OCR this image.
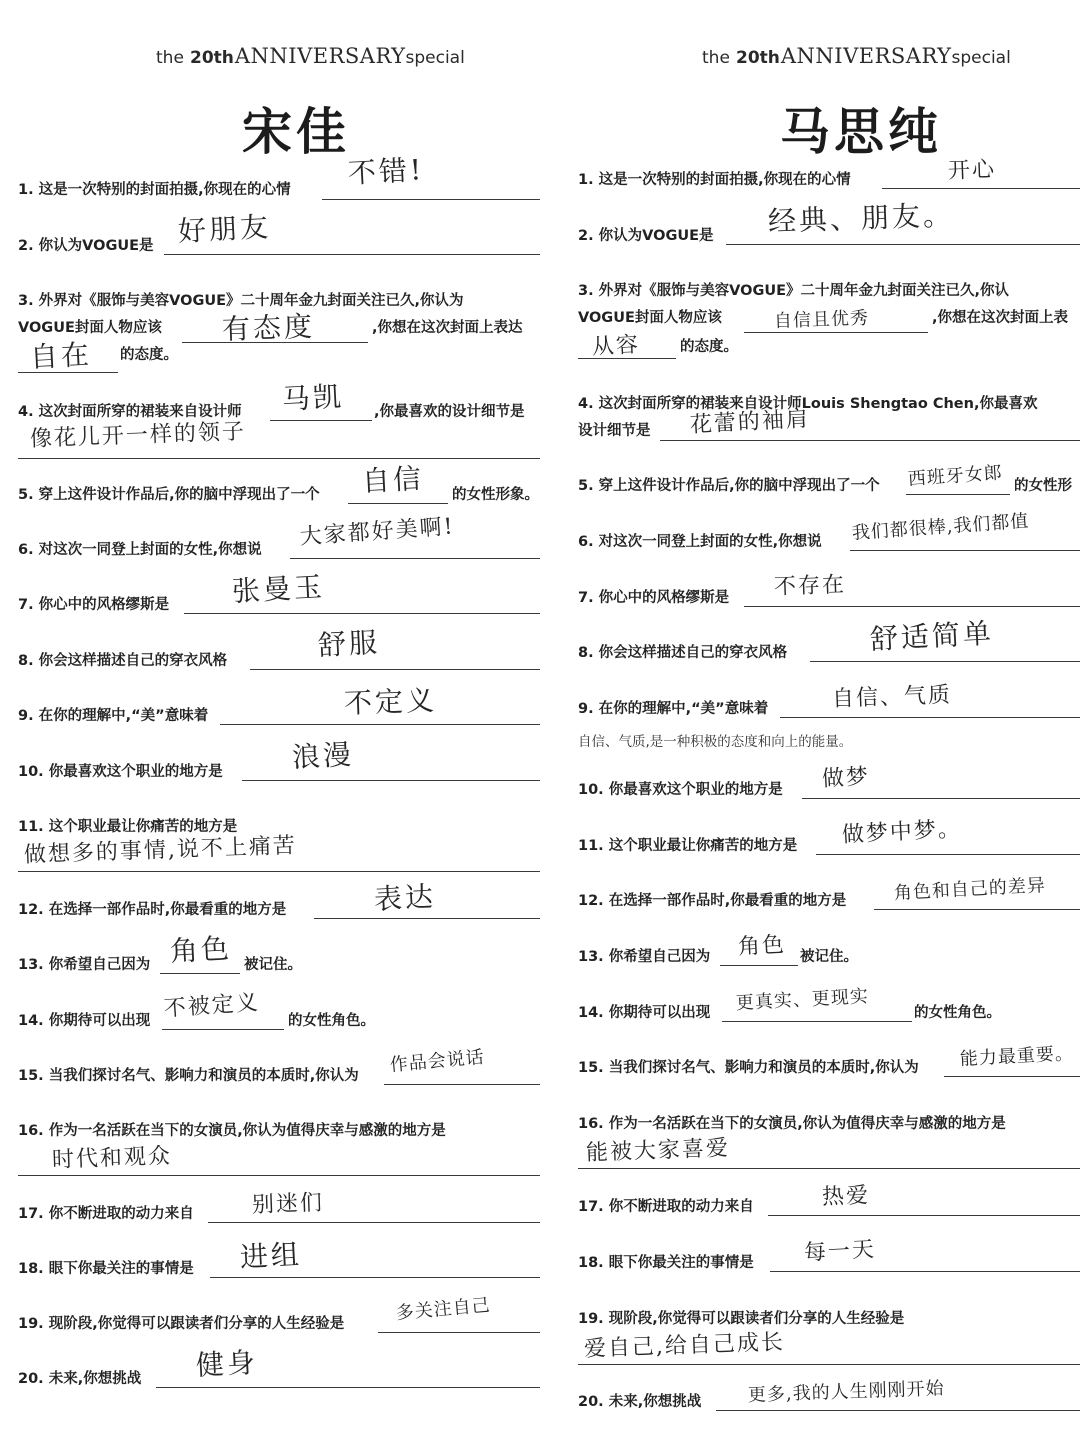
the 20thANNIVERSARYspecial
宋佳
1. 这是一次特别的封面拍摄,你现在的心情
不错!
2. 你认为VOGUE是 好朋友
3. 外界对《服饰与美容VOGUE》二十周年金九封面关注已久,你认为
VOGUE封面人物应该 有态度	,你想在这次封面上表达
自在 的态度。
4. 这次封面所穿的裙装来自设计师 马凯 ,你最喜欢的设计细节是
像花儿开一样的领子
5. 穿上这件设计作品后,你的脑中浮现出了一个 自信 的女性形象。
6. 对这次一同登上封面的女性,你想说
大家都好美啊!
7. 你心中的风格缪斯是 张曼玉
8. 你会这样描述自己的穿衣风格	舒服
9. 在你的理解中,“美”意味着	不定义
10. 你最喜欢这个职业的地方是 浪漫
11. 这个职业最让你痛苦的地方是
做想多的事情,说不上痛苦
12. 在选择一部作品时,你最看重的地方是	表达
13. 你希望自己因为 角色 被记住。
14. 你期待可以出现 不被定义 的女性角色。
15. 当我们探讨名气、影响力和演员的本质时,你认为
作品会说话
16. 作为一名活跃在当下的女演员,你认为值得庆幸与感激的地方是
时代和观众
17. 你不断进取的动力来自	别迷们
18. 眼下你最关注的事情是 进组
19. 现阶段,你觉得可以跟读者们分享的人生经验是
多关注自己
20. 未来,你想挑战 健身
the 20thANNIVERSARYspecial
马思纯
1. 这是一次特别的封面拍摄,你现在的心情	开心
2. 你认为VOGUE是 经典、朋友。
3. 外界对《服饰与美容VOGUE》二十周年金九封面关注已久,你认
VOGUE封面人物应该	自信且优秀	,你想在这次封面上表
从容	的态度。
4. 这次封面所穿的裙装来自设计师Louis Shengtao Chen,你最喜欢
设计细节是 花蕾的袖肩
5. 穿上这件设计作品后,你的脑中浮现出了一个 西班牙女郎 的女性形
6. 对这次一同登上封面的女性,你想说 我们都很棒,我们都值
7. 你心中的风格缪斯是 不存在
8. 你会这样描述自己的穿衣风格	舒适简单
9. 在你的理解中,“美”意味着	自信、气质
自信、气质,是一种积极的态度和向上的能量。
10. 你最喜欢这个职业的地方是 做梦
11. 这个职业最让你痛苦的地方是 做梦中梦。
12. 在选择一部作品时,你最看重的地方是	角色和自己的差异
13. 你希望自己因为 角色 被记住。
14. 你期待可以出现 更真实、更现实	的女性角色。
15. 当我们探讨名气、影响力和演员的本质时,你认为 能力最重要。
16. 作为一名活跃在当下的女演员,你认为值得庆幸与感激的地方是
能被大家喜爱
17. 你不断进取的动力来自	热爱
18. 眼下你最关注的事情是 每一天
19. 现阶段,你觉得可以跟读者们分享的人生经验是
爱自己,给自己成长
20. 未来,你想挑战	更多,我的人生刚刚开始
